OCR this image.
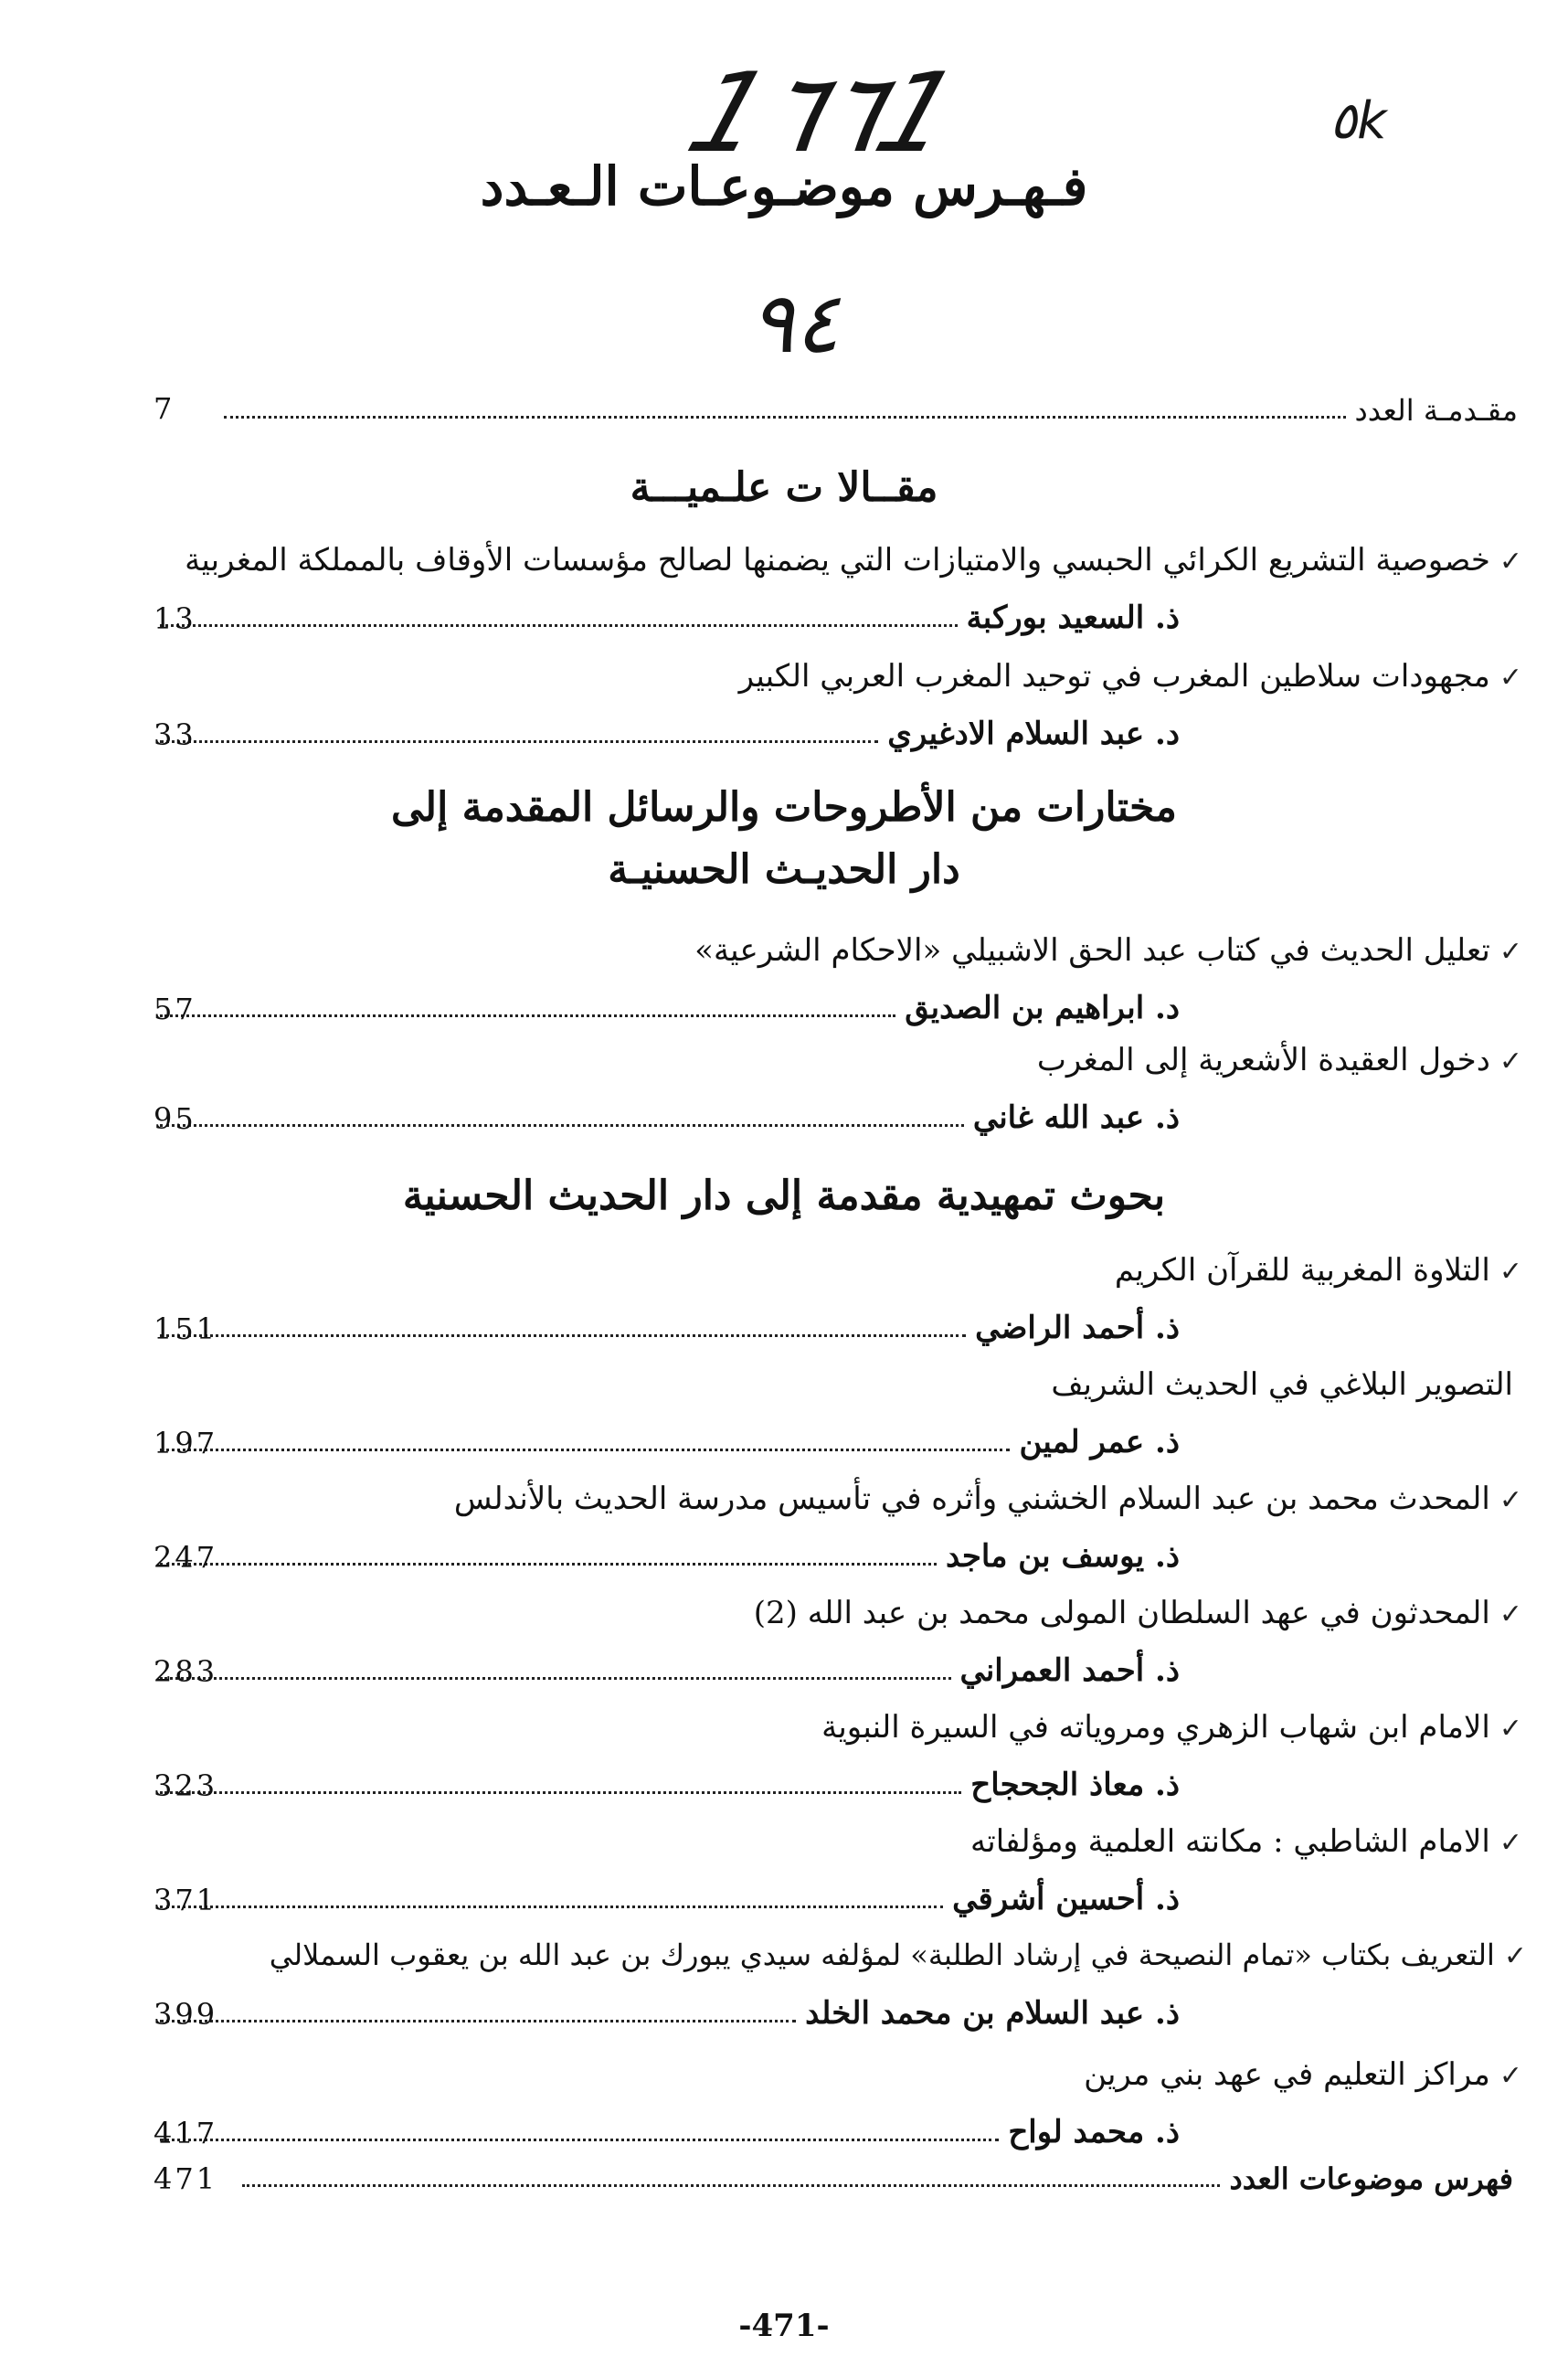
1٦٦1	٥k
٩٤
فـهـرس موضـوعـات الـعـدد
مقـدمـة العدد
7
مقــالا ت علـميـــة
✓خصوصية التشريع الكرائي الحبسي والامتيازات التي يضمنها لصالح مؤسسات الأوقاف بالمملكة المغربية
ذ. السعيد بوركبة
13
✓مجهودات سلاطين المغرب في توحيد المغرب العربي الكبير
د. عبد السلام الادغيري
33
مختارات من الأطروحات والرسائل المقدمة إلى
دار الحديـث الحسنيـة
✓تعليل الحديث في كتاب عبد الحق الاشبيلي «الاحكام الشرعية»
د. ابراهيم بن الصديق
57
✓دخول العقيدة الأشعرية إلى المغرب
ذ. عبد الله غاني
95
بحوث تمهيدية مقدمة إلى دار الحديث الحسنية
✓التلاوة المغربية للقرآن الكريم
ذ. أحمد الراضي
151
التصوير البلاغي في الحديث الشريف
ذ. عمر لمين
197
✓المحدث محمد بن عبد السلام الخشني وأثره في تأسيس مدرسة الحديث بالأندلس
ذ. يوسف بن ماجد
247
✓المحدثون في عهد السلطان المولى محمد بن عبد الله (2)
ذ. أحمد العمراني
283
✓الامام ابن شهاب الزهري ومروياته في السيرة النبوية
ذ. معاذ الجحجاح
323
✓الامام الشاطبي : مكانته العلمية ومؤلفاته
ذ. أحسين أشرقي
371
✓التعريف بكتاب «تمام النصيحة في إرشاد الطلبة» لمؤلفه سيدي يبورك بن عبد الله بن يعقوب السملالي
ذ. عبد السلام بن محمد الخلد
399
✓مراكز التعليم في عهد بني مرين
ذ. محمد لواح
417
فهرس موضوعات العدد
471
-471-
